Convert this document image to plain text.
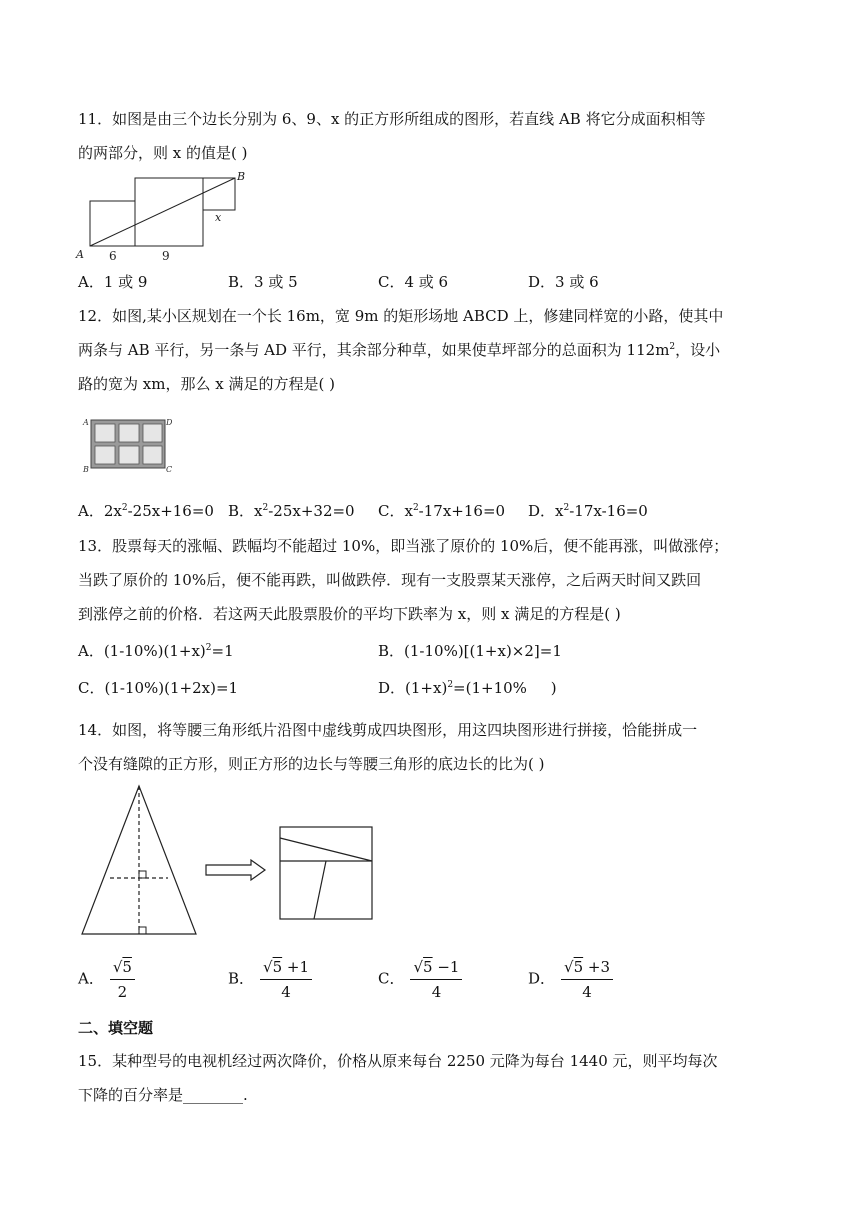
11．如图是由三个边长分别为 6、9、x 的正方形所组成的图形，若直线 AB 将它分成面积相等
的两部分，则 x 的值是( )
A
B
x
6	9
A．1 或 9	B．3 或 5	C．4 或 6	D．3 或 6
12．如图,某小区规划在一个长 16m，宽 9m 的矩形场地 ABCD 上，修建同样宽的小路，使其中
两条与 AB 平行，另一条与 AD 平行，其余部分种草，如果使草坪部分的总面积为 $112m^2$，设小
路的宽为 xm，那么 x 满足的方程是( )
A	D
B	C
A．$2x^2-25x+16=0$ B．$x^2-25x+32=0$ C．$x^2-17x+16=0$ D．$x^2-17x-16=0$
13．股票每天的涨幅、跌幅均不能超过 10%，即当涨了原价的 10%后，便不能再涨，叫做涨停；
当跌了原价的 10%后，便不能再跌，叫做跌停．现有一支股票某天涨停，之后两天时间又跌回
到涨停之前的价格．若这两天此股票股价的平均下跌率为 x，则 x 满足的方程是( )
A．$(1-10\%)(1+x)^2=1$	B．(1-10%)[(1+x)×2]=1
C．(1-10%)(1+2x)=1	D．$(1+x)^2=(1+10\%$     )
14．如图，将等腰三角形纸片沿图中虚线剪成四块图形，用这四块图形进行拼接，恰能拼成一
个没有缝隙的正方形，则正方形的边长与等腰三角形的底边长的比为( )
A． $\frac{√5}{2}$	B． $\frac{√5 +1}{4}$	C． $\frac{√5 -1}{4}$	D． $\frac{√5 +3}{4}$
二、填空题
15．某种型号的电视机经过两次降价，价格从原来每台 2250 元降为每台 1440 元，则平均每次
下降的百分率是________.
